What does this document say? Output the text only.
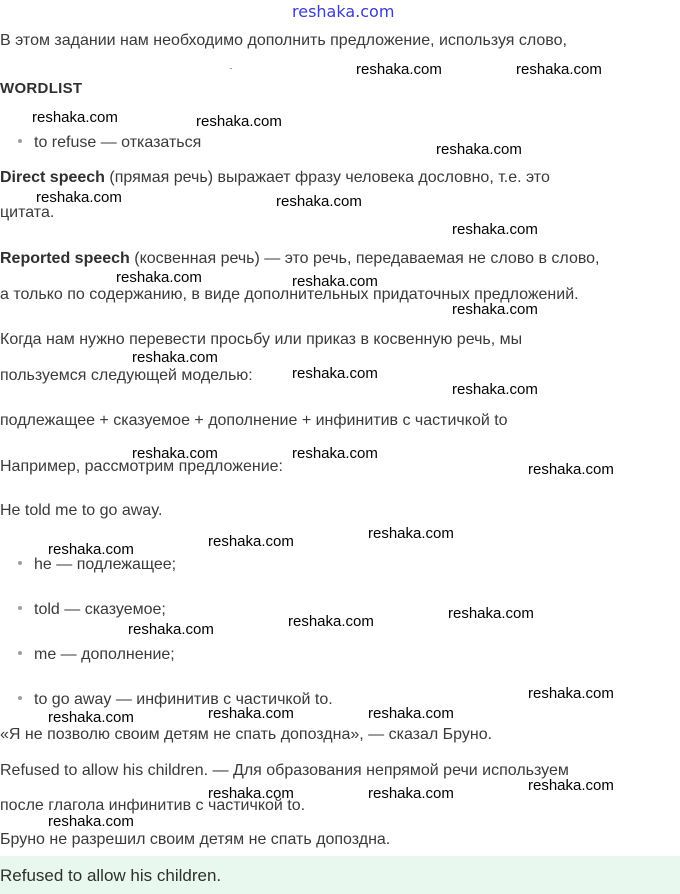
reshaka.com
В этом задании нам необходимо дополнить предложение, используя слово,
WORDLIST
to refuse — отказаться
Direct speech (прямая речь) выражает фразу человека дословно, т.е. это
цитата.
Reported speech (косвенная речь) — это речь, передаваемая не слово в слово,
а только по содержанию, в виде дополнительных придаточных предложений.
Когда нам нужно перевести просьбу или приказ в косвенную речь, мы
пользуемся следующей моделью:
подлежащее + сказуемое + дополнение + инфинитив с частичкой to
Например, рассмотрим предложение:
He told me to go away.
he — подлежащее;
told — сказуемое;
me — дополнение;
to go away — инфинитив с частичкой to.
«Я не позволю своим детям не спать допоздна», — сказал Бруно.
Refused to allow his children. — Для образования непрямой речи используем
после глагола инфинитив с частичкой to.
Бруно не разрешил своим детям не спать допоздна.
Refused to allow his children.
reshaka.com	reshaka.com
reshaka.com	reshaka.com
reshaka.com
reshaka.com	reshaka.com
reshaka.com
reshaka.com	reshaka.com
reshaka.com
reshaka.com
reshaka.com
reshaka.com
reshaka.com	reshaka.com
reshaka.com
reshaka.com
reshaka.com
reshaka.com
reshaka.com
reshaka.com
reshaka.com
reshaka.com
reshaka.com	reshaka.com
reshaka.com
reshaka.com
reshaka.com	reshaka.com
reshaka.com
